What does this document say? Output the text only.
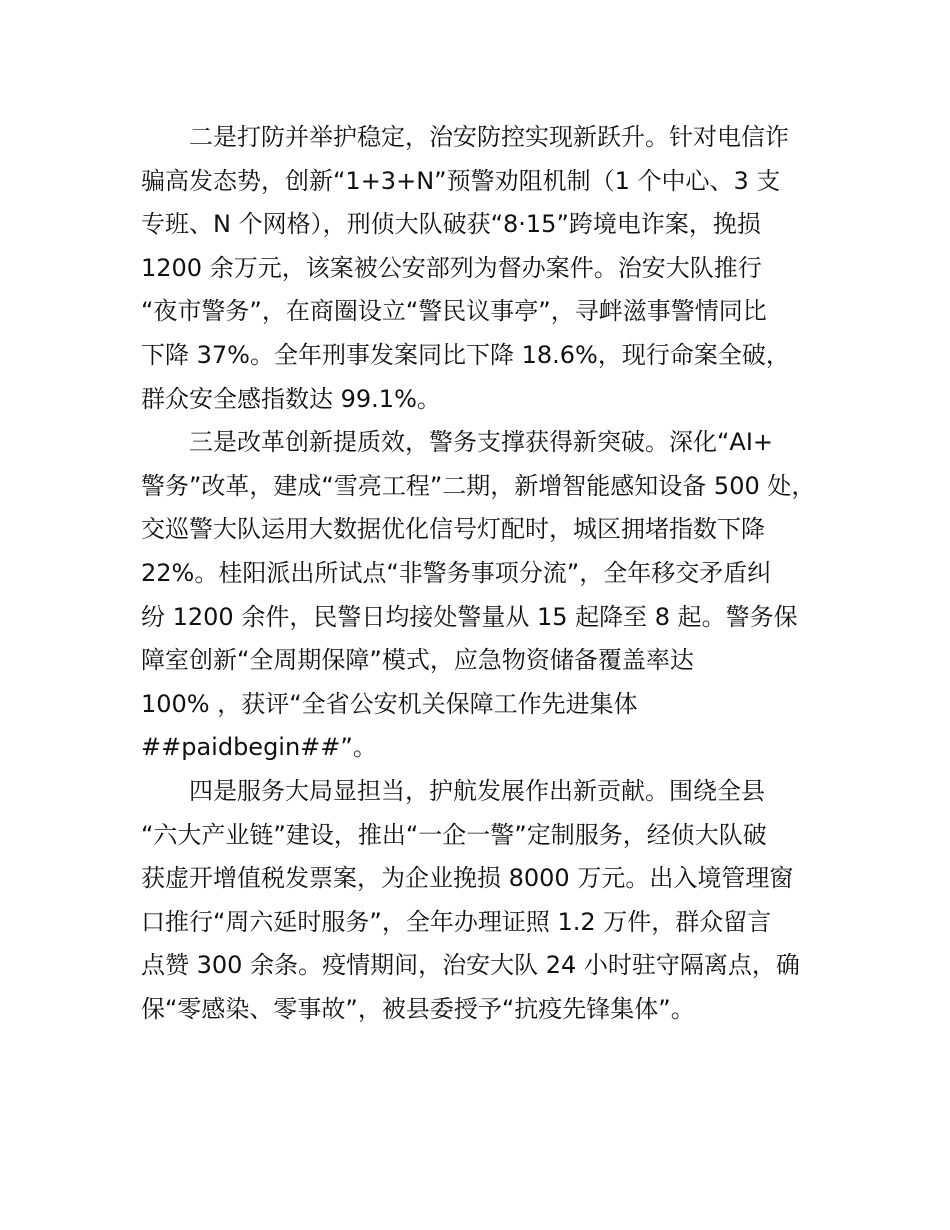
二是打防并举护稳定，治安防控实现新跃升。针对电信诈
骗高发态势，创新“1+3+N”预警劝阻机制（1 个中心、3 支
专班、N 个网格），刑侦大队破获“8·15”跨境电诈案，挽损
1200 余万元，该案被公安部列为督办案件。治安大队推行
“夜市警务”，在商圈设立“警民议事亭”，寻衅滋事警情同比
下降 37%。全年刑事发案同比下降 18.6%，现行命案全破，
群众安全感指数达 99.1%。
三是改革创新提质效，警务支撑获得新突破。深化“AI+
警务”改革，建成“雪亮工程”二期，新增智能感知设备 500 处，
交巡警大队运用大数据优化信号灯配时，城区拥堵指数下降
22%。桂阳派出所试点“非警务事项分流”，全年移交矛盾纠
纷 1200 余件，民警日均接处警量从 15 起降至 8 起。警务保
障室创新“全周期保障”模式，应急物资储备覆盖率达
100% ，获评“全省公安机关保障工作先进集体
##paidbegin##”。
四是服务大局显担当，护航发展作出新贡献。围绕全县
“六大产业链”建设，推出“一企一警”定制服务，经侦大队破
获虚开增值税发票案，为企业挽损 8000 万元。出入境管理窗
口推行“周六延时服务”，全年办理证照 1.2 万件，群众留言
点赞 300 余条。疫情期间，治安大队 24 小时驻守隔离点，确
保“零感染、零事故”，被县委授予“抗疫先锋集体”。
